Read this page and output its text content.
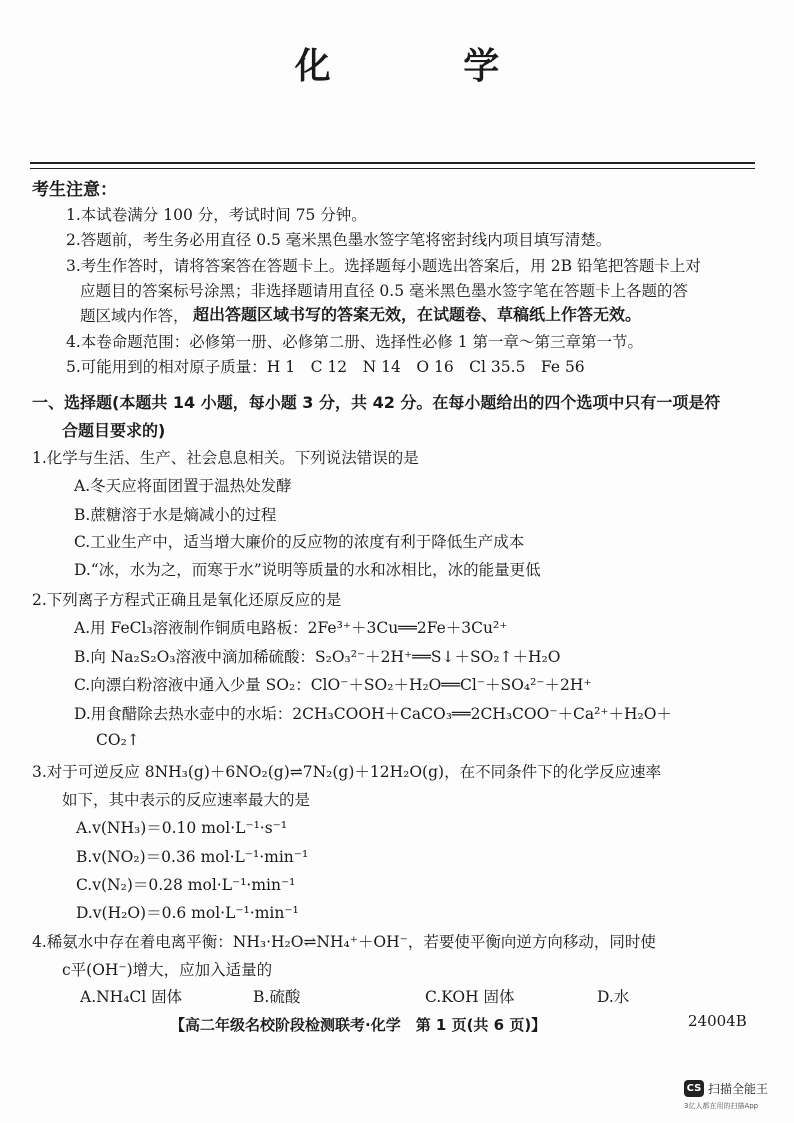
化 学
考生注意：
1.本试卷满分 100 分，考试时间 75 分钟。
2.答题前，考生务必用直径 0.5 毫米黑色墨水签字笔将密封线内项目填写清楚。
3.考生作答时，请将答案答在答题卡上。选择题每小题选出答案后，用 2B 铅笔把答题卡上对
应题目的答案标号涂黑；非选择题请用直径 0.5 毫米黑色墨水签字笔在答题卡上各题的答
题区域内作答， 超出答题区域书写的答案无效，在试题卷、草稿纸上作答无效。
4.本卷命题范围：必修第一册、必修第二册、选择性必修 1 第一章～第三章第一节。
5.可能用到的相对原子质量：H 1　C 12　N 14　O 16　Cl 35.5　Fe 56
一、选择题(本题共 14 小题，每小题 3 分，共 42 分。在每小题给出的四个选项中只有一项是符
合题目要求的)
1.化学与生活、生产、社会息息相关。下列说法错误的是
A.冬天应将面团置于温热处发酵
B.蔗糖溶于水是熵减小的过程
C.工业生产中，适当增大廉价的反应物的浓度有利于降低生产成本
D.“冰，水为之，而寒于水”说明等质量的水和冰相比，冰的能量更低
2.下列离子方程式正确且是氧化还原反应的是
A.用 FeCl₃溶液制作铜质电路板：2Fe³⁺＋3Cu══2Fe＋3Cu²⁺
B.向 Na₂S₂O₃溶液中滴加稀硫酸：S₂O₃²⁻＋2H⁺══S↓＋SO₂↑＋H₂O
C.向漂白粉溶液中通入少量 SO₂：ClO⁻＋SO₂＋H₂O══Cl⁻＋SO₄²⁻＋2H⁺
D.用食醋除去热水壶中的水垢：2CH₃COOH＋CaCO₃══2CH₃COO⁻＋Ca²⁺＋H₂O＋
CO₂↑
3.对于可逆反应 8NH₃(g)＋6NO₂(g)⇌7N₂(g)＋12H₂O(g)，在不同条件下的化学反应速率
如下，其中表示的反应速率最大的是
A.v(NH₃)＝0.10 mol·L⁻¹·s⁻¹
B.v(NO₂)＝0.36 mol·L⁻¹·min⁻¹
C.v(N₂)＝0.28 mol·L⁻¹·min⁻¹
D.v(H₂O)＝0.6 mol·L⁻¹·min⁻¹
4.稀氨水中存在着电离平衡：NH₃·H₂O⇌NH₄⁺＋OH⁻，若要使平衡向逆方向移动，同时使
c平(OH⁻)增大，应加入适量的
A.NH₄Cl 固体	B.硫酸	C.KOH 固体	D.水
【高二年级名校阶段检测联考·化学　第 1 页(共 6 页)】	24004B
CS 扫描全能王
3亿人都在用的扫描App
